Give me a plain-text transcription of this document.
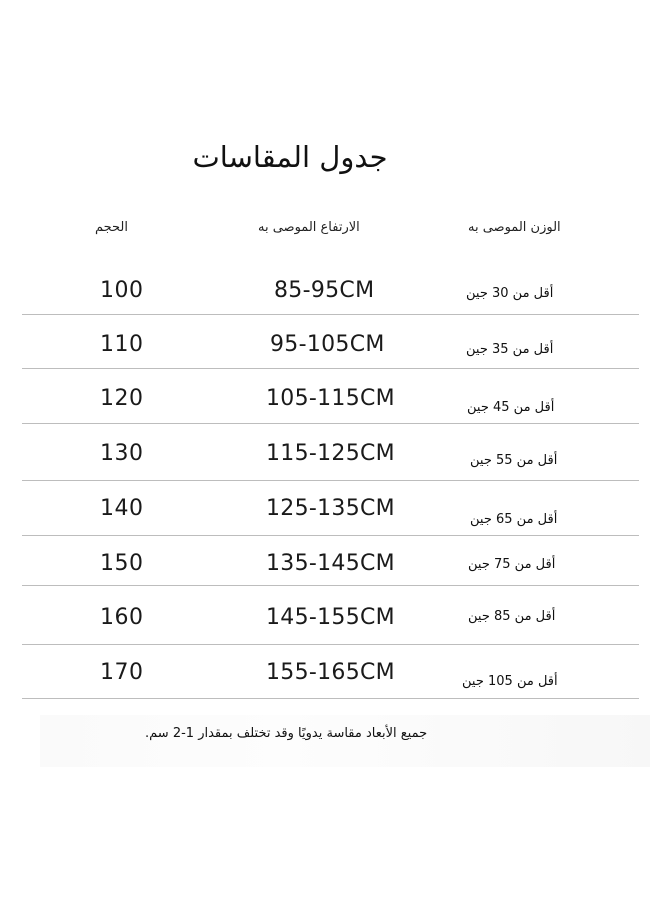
جدول المقاسات
الحجم	الارتفاع الموصى به	الوزن الموصى به
100	85-95CM	أقل من 30 جين
110	95-105CM	أقل من 35 جين
120	105-115CM	أقل من 45 جين
130	115-125CM	أقل من 55 جين
140	125-135CM	أقل من 65 جين
150	135-145CM	أقل من 75 جين
160	145-155CM	أقل من 85 جين
170	155-165CM	أقل من 105 جين
جميع الأبعاد مقاسة يدويًا وقد تختلف بمقدار 1-2 سم.
